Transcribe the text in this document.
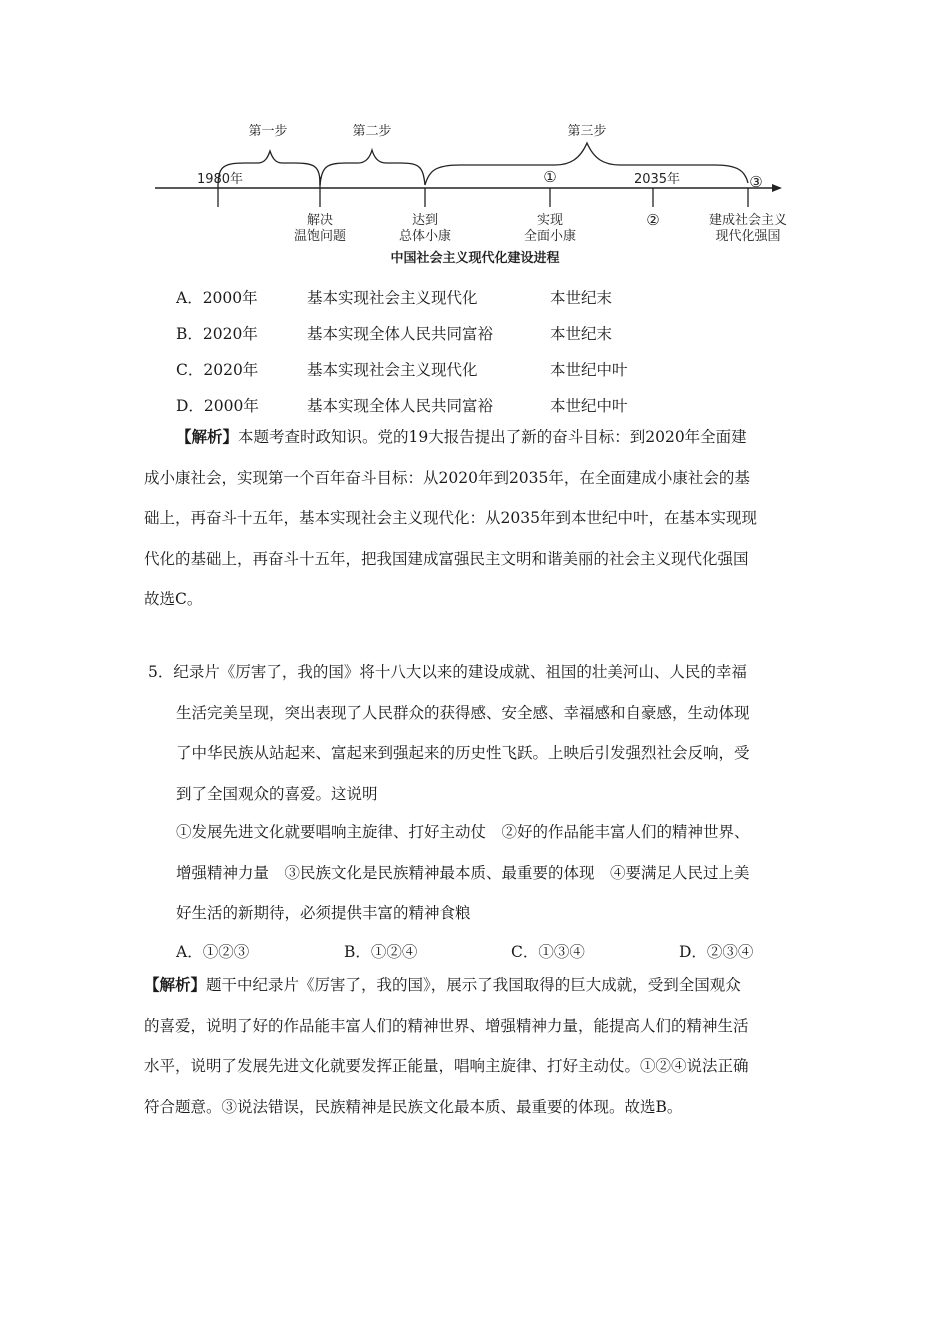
第一步	第二步	第三步
1980年	①	2035年	③
解决
温饱问题
达到
总体小康
实现
全面小康
②	建成社会主义
现代化强国
中国社会主义现代化建设进程
A．2000年	基本实现社会主义现代化	本世纪末
B．2020年	基本实现全体人民共同富裕	本世纪末
C．2020年	基本实现社会主义现代化	本世纪中叶
D．2000年	基本实现全体人民共同富裕	本世纪中叶
【解析】本题考查时政知识。党的19大报告提出了新的奋斗目标：到2020年全面建
成小康社会，实现第一个百年奋斗目标：从2020年到2035年，在全面建成小康社会的基
础上，再奋斗十五年，基本实现社会主义现代化：从2035年到本世纪中叶，在基本实现现
代化的基础上，再奋斗十五年，把我国建成富强民主文明和谐美丽的社会主义现代化强国
故选C。
5．纪录片《厉害了，我的国》将十八大以来的建设成就、祖国的壮美河山、人民的幸福
生活完美呈现，突出表现了人民群众的获得感、安全感、幸福感和自豪感，生动体现
了中华民族从站起来、富起来到强起来的历史性飞跃。上映后引发强烈社会反响，受
到了全国观众的喜爱。这说明
①发展先进文化就要唱响主旋律、打好主动仗　②好的作品能丰富人们的精神世界、
增强精神力量　③民族文化是民族精神最本质、最重要的体现　④要满足人民过上美
好生活的新期待，必须提供丰富的精神食粮
A．①②③	B．①②④	C．①③④	D．②③④
【解析】题干中纪录片《厉害了，我的国》，展示了我国取得的巨大成就，受到全国观众
的喜爱，说明了好的作品能丰富人们的精神世界、增强精神力量，能提高人们的精神生活
水平，说明了发展先进文化就要发挥正能量，唱响主旋律、打好主动仗。①②④说法正确
符合题意。③说法错误，民族精神是民族文化最本质、最重要的体现。故选B。
